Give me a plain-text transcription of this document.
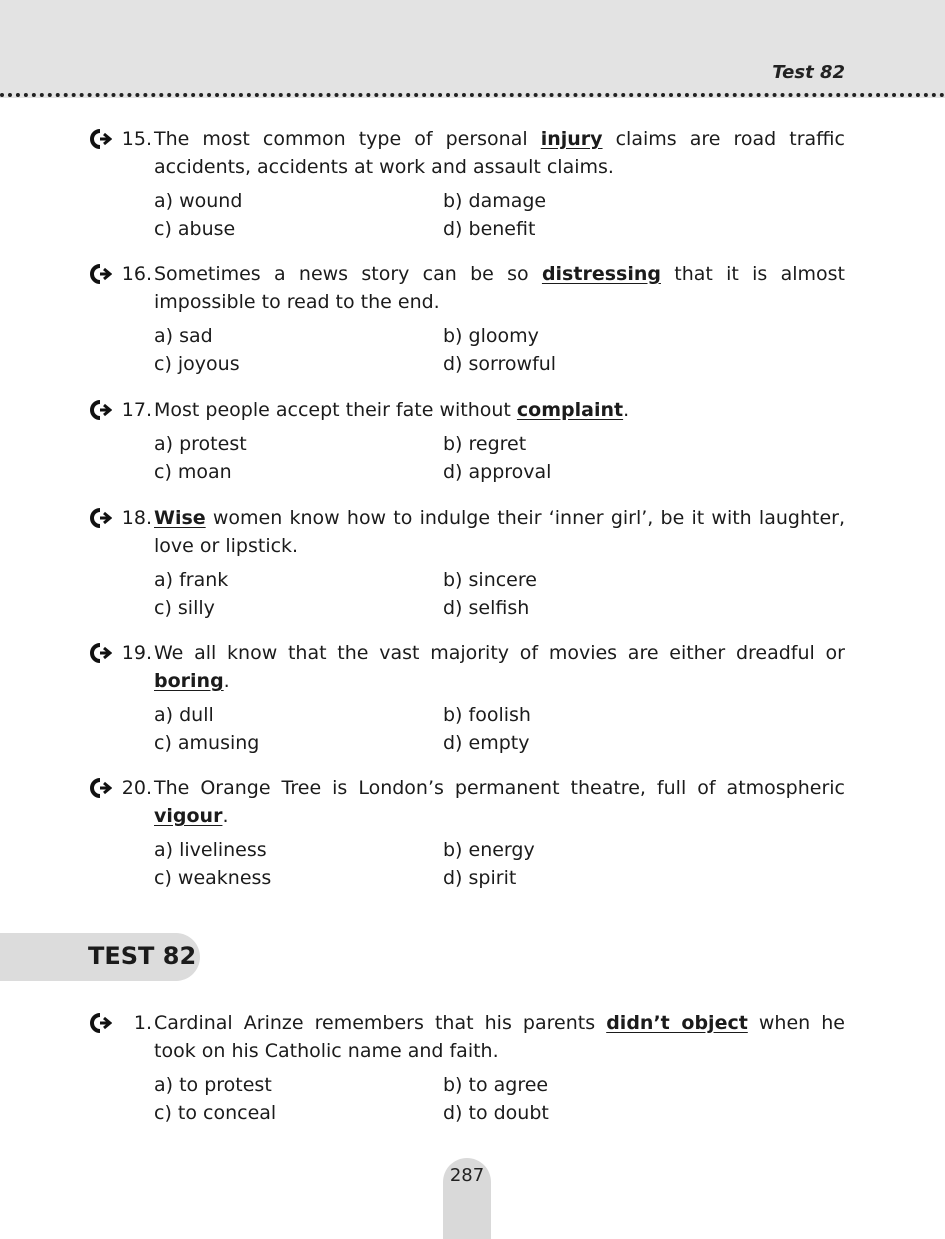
Test 82
15. The most common type of personal injury claims are road traffic accidents, accidents at work and assault claims.
a) wound	b) damage
c) abuse	d) benefit
16. Sometimes a news story can be so distressing that it is almost impossible to read to the end.
a) sad	b) gloomy
c) joyous	d) sorrowful
17. Most people accept their fate without complaint.
a) protest	b) regret
c) moan	d) approval
18. Wise women know how to indulge their ‘inner girl’, be it with laughter, love or lipstick.
a) frank	b) sincere
c) silly	d) selfish
19. We all know that the vast majority of movies are either dreadful or boring.
a) dull	b) foolish
c) amusing	d) empty
20. The Orange Tree is London’s permanent theatre, full of atmospheric vigour.
a) liveliness	b) energy
c) weakness	d) spirit
TEST 82
1. Cardinal Arinze remembers that his parents didn’t object when he took on his Catholic name and faith.
a) to protest	b) to agree
c) to conceal	d) to doubt
287
